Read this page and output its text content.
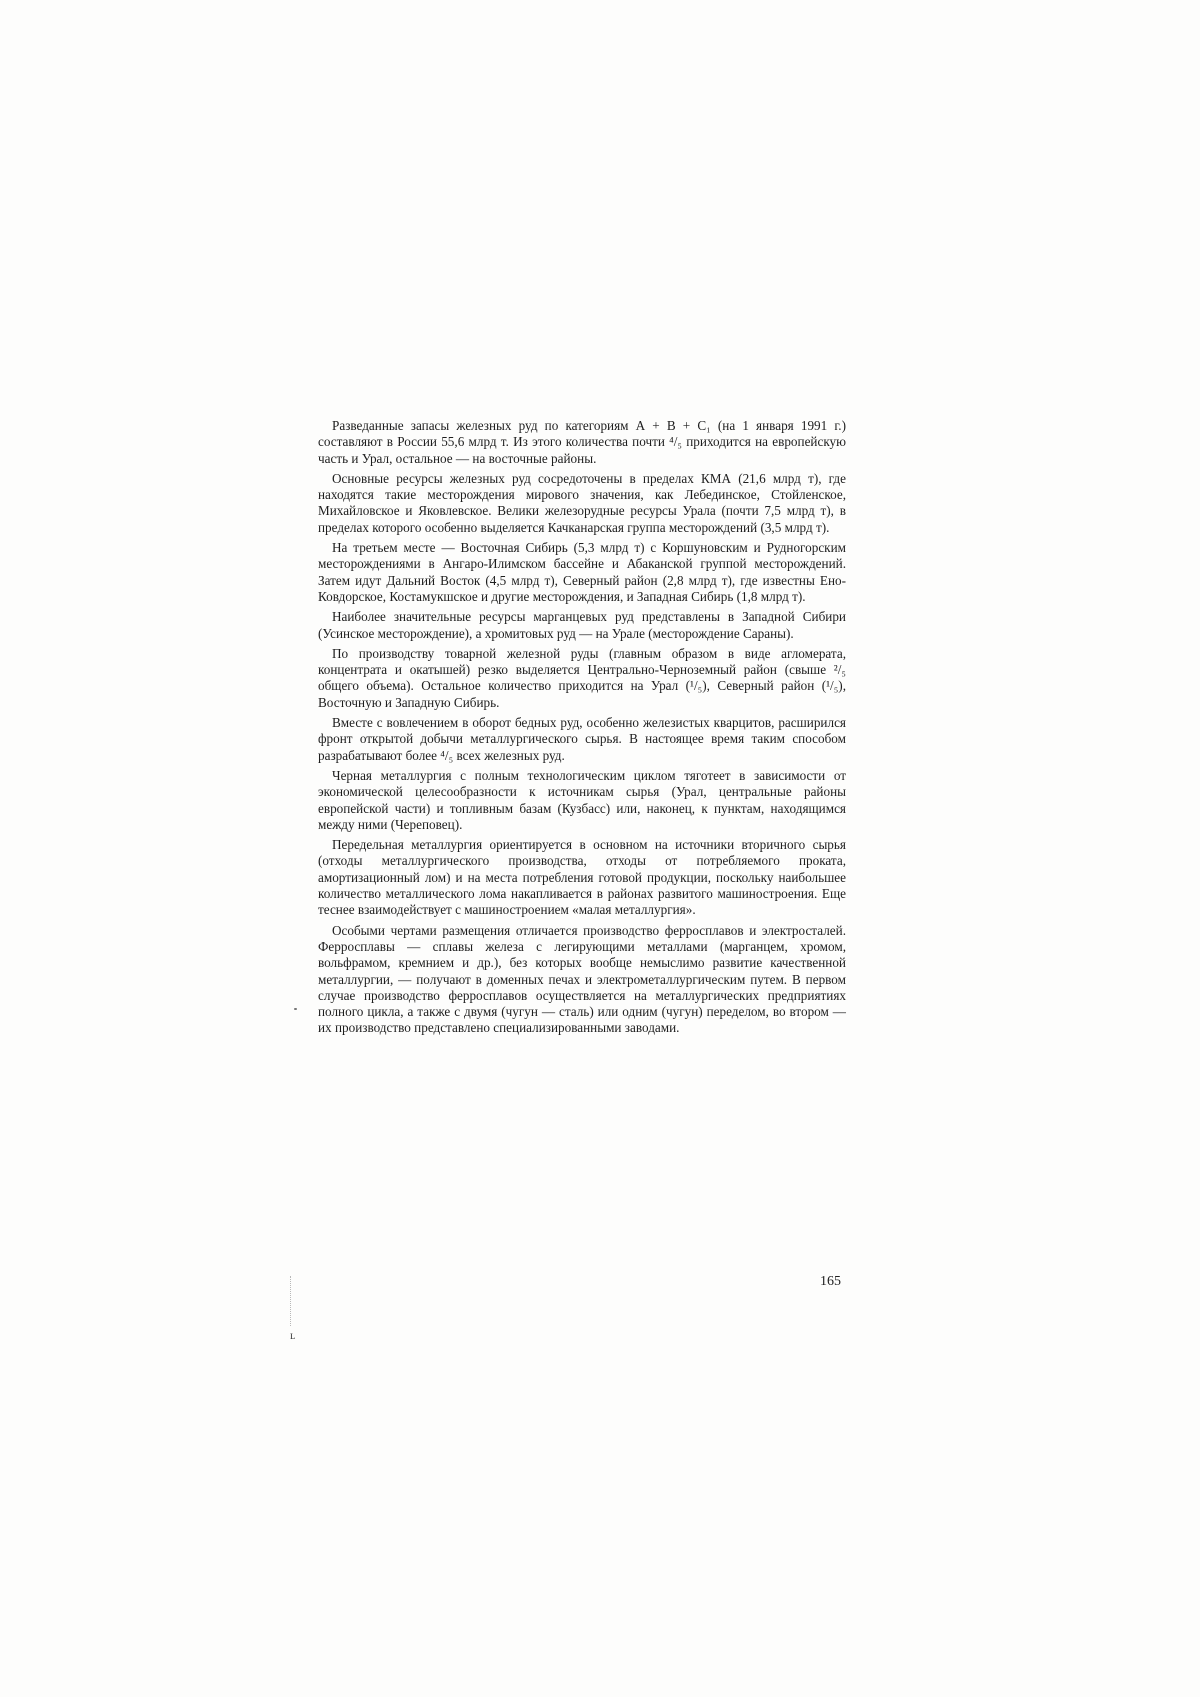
Разведанные запасы железных руд по категориям А + В + С₁ (на 1 января 1991 г.) составляют в России 55,6 млрд т. Из этого количества почти ⁴/₅ приходится на европейскую часть и Урал, остальное — на восточные районы.

Основные ресурсы железных руд сосредоточены в пределах КМА (21,6 млрд т), где находятся такие месторождения мирового значения, как Лебединское, Стойленское, Михайловское и Яковлевское. Велики железорудные ресурсы Урала (почти 7,5 млрд т), в пределах которого особенно выделяется Качканарская группа месторождений (3,5 млрд т).

На третьем месте — Восточная Сибирь (5,3 млрд т) с Коршуновским и Рудногорским месторождениями в Ангаро-Илимском бассейне и Абаканской группой месторождений. Затем идут Дальний Восток (4,5 млрд т), Северный район (2,8 млрд т), где известны Ено-Ковдорское, Костамукшское и другие месторождения, и Западная Сибирь (1,8 млрд т).

Наиболее значительные ресурсы марганцевых руд представлены в Западной Сибири (Усинское месторождение), а хромитовых руд — на Урале (месторождение Сараны).

По производству товарной железной руды (главным образом в виде агломерата, концентрата и окатышей) резко выделяется Центрально-Черноземный район (свыше ²/₅ общего объема). Остальное количество приходится на Урал (¹/₅), Северный район (¹/₅), Восточную и Западную Сибирь.

Вместе с вовлечением в оборот бедных руд, особенно железистых кварцитов, расширился фронт открытой добычи металлургического сырья. В настоящее время таким способом разрабатывают более ⁴/₅ всех железных руд.

Черная металлургия с полным технологическим циклом тяготеет в зависимости от экономической целесообразности к источникам сырья (Урал, центральные районы европейской части) и топливным базам (Кузбасс) или, наконец, к пунктам, находящимся между ними (Череповец).

Передельная металлургия ориентируется в основном на источники вторичного сырья (отходы металлургического производства, отходы от потребляемого проката, амортизационный лом) и на места потребления готовой продукции, поскольку наибольшее количество металлического лома накапливается в районах развитого машиностроения. Еще теснее взаимодействует с машиностроением «малая металлургия».

Особыми чертами размещения отличается производство ферросплавов и электросталей. Ферросплавы — сплавы железа с легирующими металлами (марганцем, хромом, вольфрамом, кремнием и др.), без которых вообще немыслимо развитие качественной металлургии, — получают в доменных печах и электрометаллургическим путем. В первом случае производство ферросплавов осуществляется на металлургических предприятиях полного цикла, а также с двумя (чугун — сталь) или одним (чугун) переделом, во втором — их производство представлено специализированными заводами.

165
ʟ
